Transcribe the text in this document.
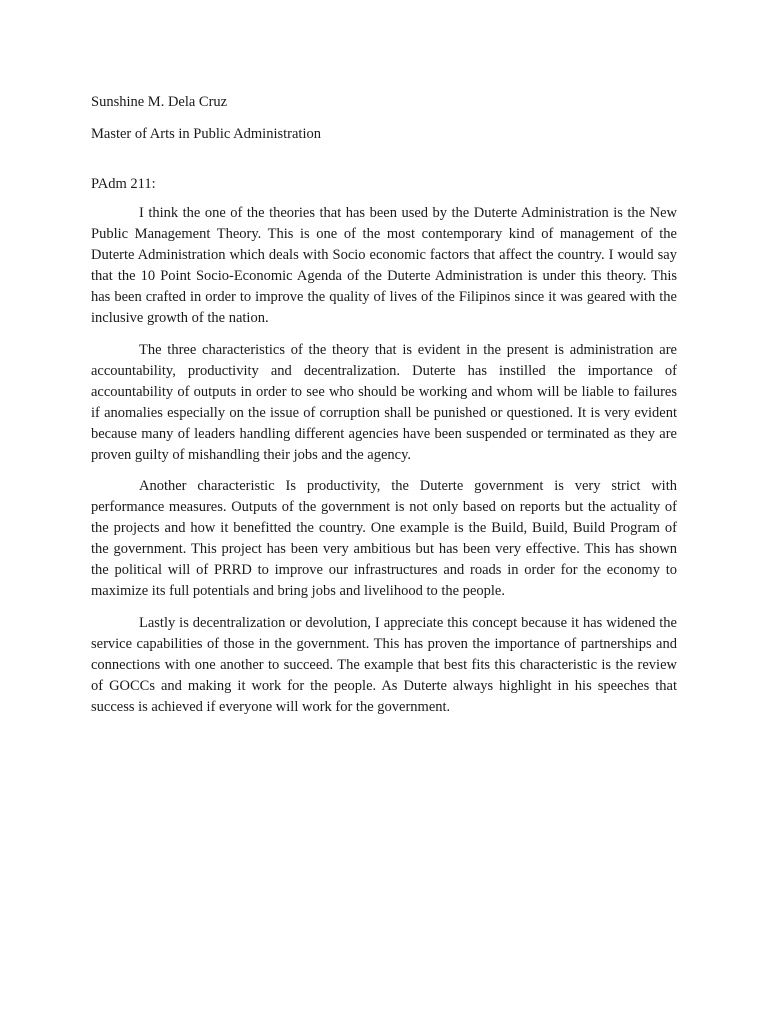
Sunshine M. Dela Cruz

Master of Arts in Public Administration

PAdm 211:

I think the one of the theories that has been used by the Duterte Administration is the New Public Management Theory. This is one of the most contemporary kind of management of the Duterte Administration which deals with Socio economic factors that affect the country. I would say that the 10 Point Socio-Economic Agenda of the Duterte Administration is under this theory. This has been crafted in order to improve the quality of lives of the Filipinos since it was geared with the inclusive growth of the nation.

The three characteristics of the theory that is evident in the present is administration are accountability, productivity and decentralization. Duterte has instilled the importance of accountability of outputs in order to see who should be working and whom will be liable to failures if anomalies especially on the issue of corruption shall be punished or questioned. It is very evident because many of leaders handling different agencies have been suspended or terminated as they are proven guilty of mishandling their jobs and the agency.

Another characteristic Is productivity, the Duterte government is very strict with performance measures. Outputs of the government is not only based on reports but the actuality of the projects and how it benefitted the country. One example is the Build, Build, Build Program of the government. This project has been very ambitious but has been very effective. This has shown the political will of PRRD to improve our infrastructures and roads in order for the economy to maximize its full potentials and bring jobs and livelihood to the people.

Lastly is decentralization or devolution, I appreciate this concept because it has widened the service capabilities of those in the government. This has proven the importance of partnerships and connections with one another to succeed. The example that best fits this characteristic is the review of GOCCs and making it work for the people. As Duterte always highlight in his speeches that success is achieved if everyone will work for the government.
